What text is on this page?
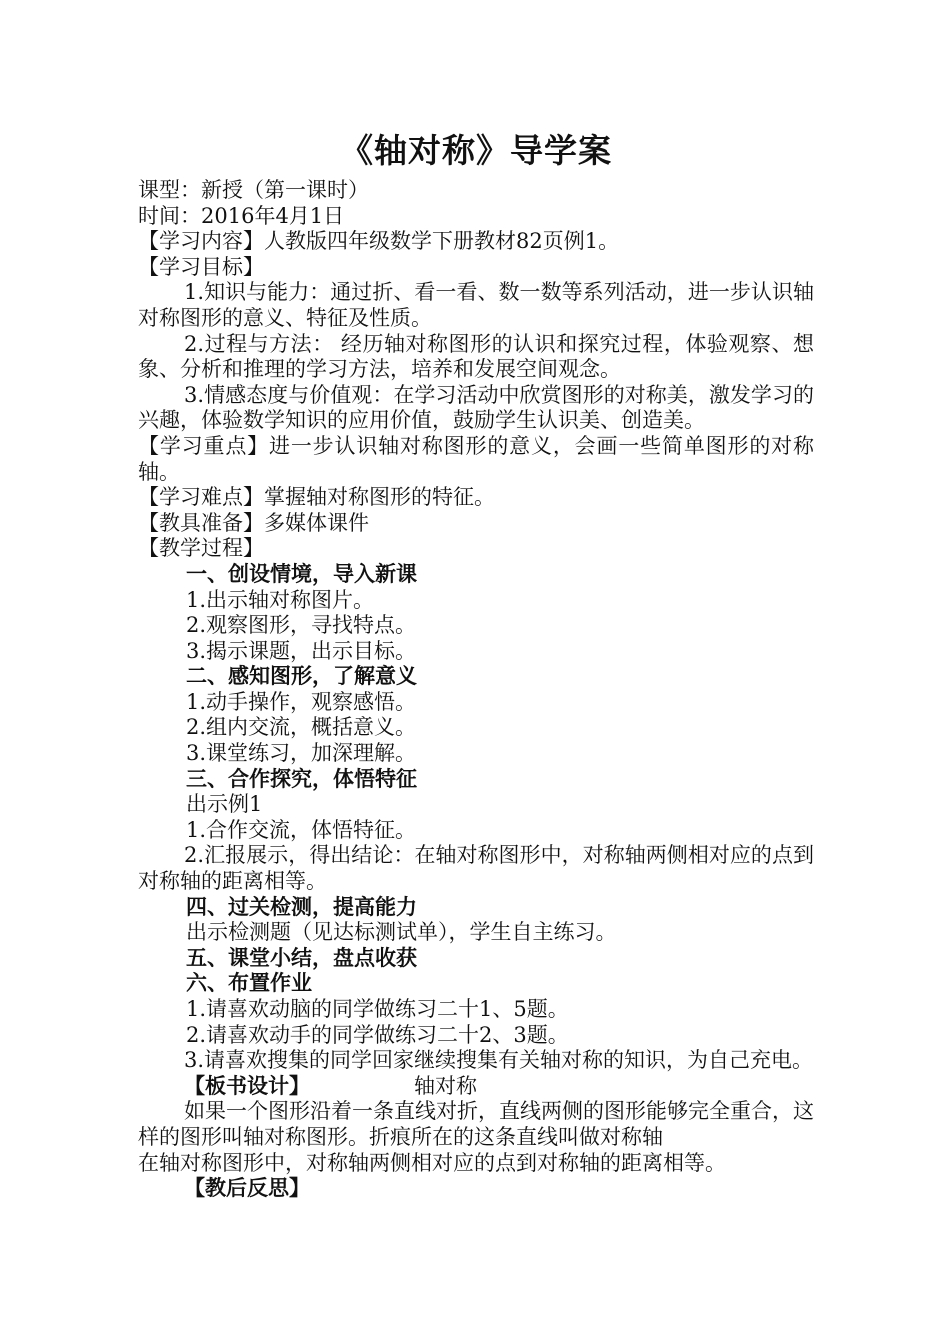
《轴对称》导学案
课型：新授（第一课时）
时间：2016年4月1日
【学习内容】人教版四年级数学下册教材82页例1。
【学习目标】
1.知识与能力：通过折、看一看、数一数等系列活动，进一步认识轴对称图形的意义、特征及性质。
2.过程与方法： 经历轴对称图形的认识和探究过程，体验观察、想象、分析和推理的学习方法，培养和发展空间观念。
3.情感态度与价值观：在学习活动中欣赏图形的对称美，激发学习的兴趣，体验数学知识的应用价值，鼓励学生认识美、创造美。
【学习重点】进一步认识轴对称图形的意义，会画一些简单图形的对称轴。
【学习难点】掌握轴对称图形的特征。
【教具准备】多媒体课件
【教学过程】
一、创设情境，导入新课
1.出示轴对称图片。
2.观察图形，寻找特点。
3.揭示课题，出示目标。
二、感知图形，了解意义
1.动手操作，观察感悟。
2.组内交流，概括意义。
3.课堂练习，加深理解。
三、合作探究，体悟特征
出示例1
1.合作交流，体悟特征。
2.汇报展示，得出结论：在轴对称图形中，对称轴两侧相对应的点到对称轴的距离相等。
四、过关检测，提高能力
出示检测题（见达标测试单），学生自主练习。
五、课堂小结，盘点收获
六、布置作业
1.请喜欢动脑的同学做练习二十1、5题。
2.请喜欢动手的同学做练习二十2、3题。
3.请喜欢搜集的同学回家继续搜集有关轴对称的知识，为自己充电。
【板书设计】	轴对称
如果一个图形沿着一条直线对折，直线两侧的图形能够完全重合，这样的图形叫轴对称图形。折痕所在的这条直线叫做对称轴
在轴对称图形中，对称轴两侧相对应的点到对称轴的距离相等。
【教后反思】
